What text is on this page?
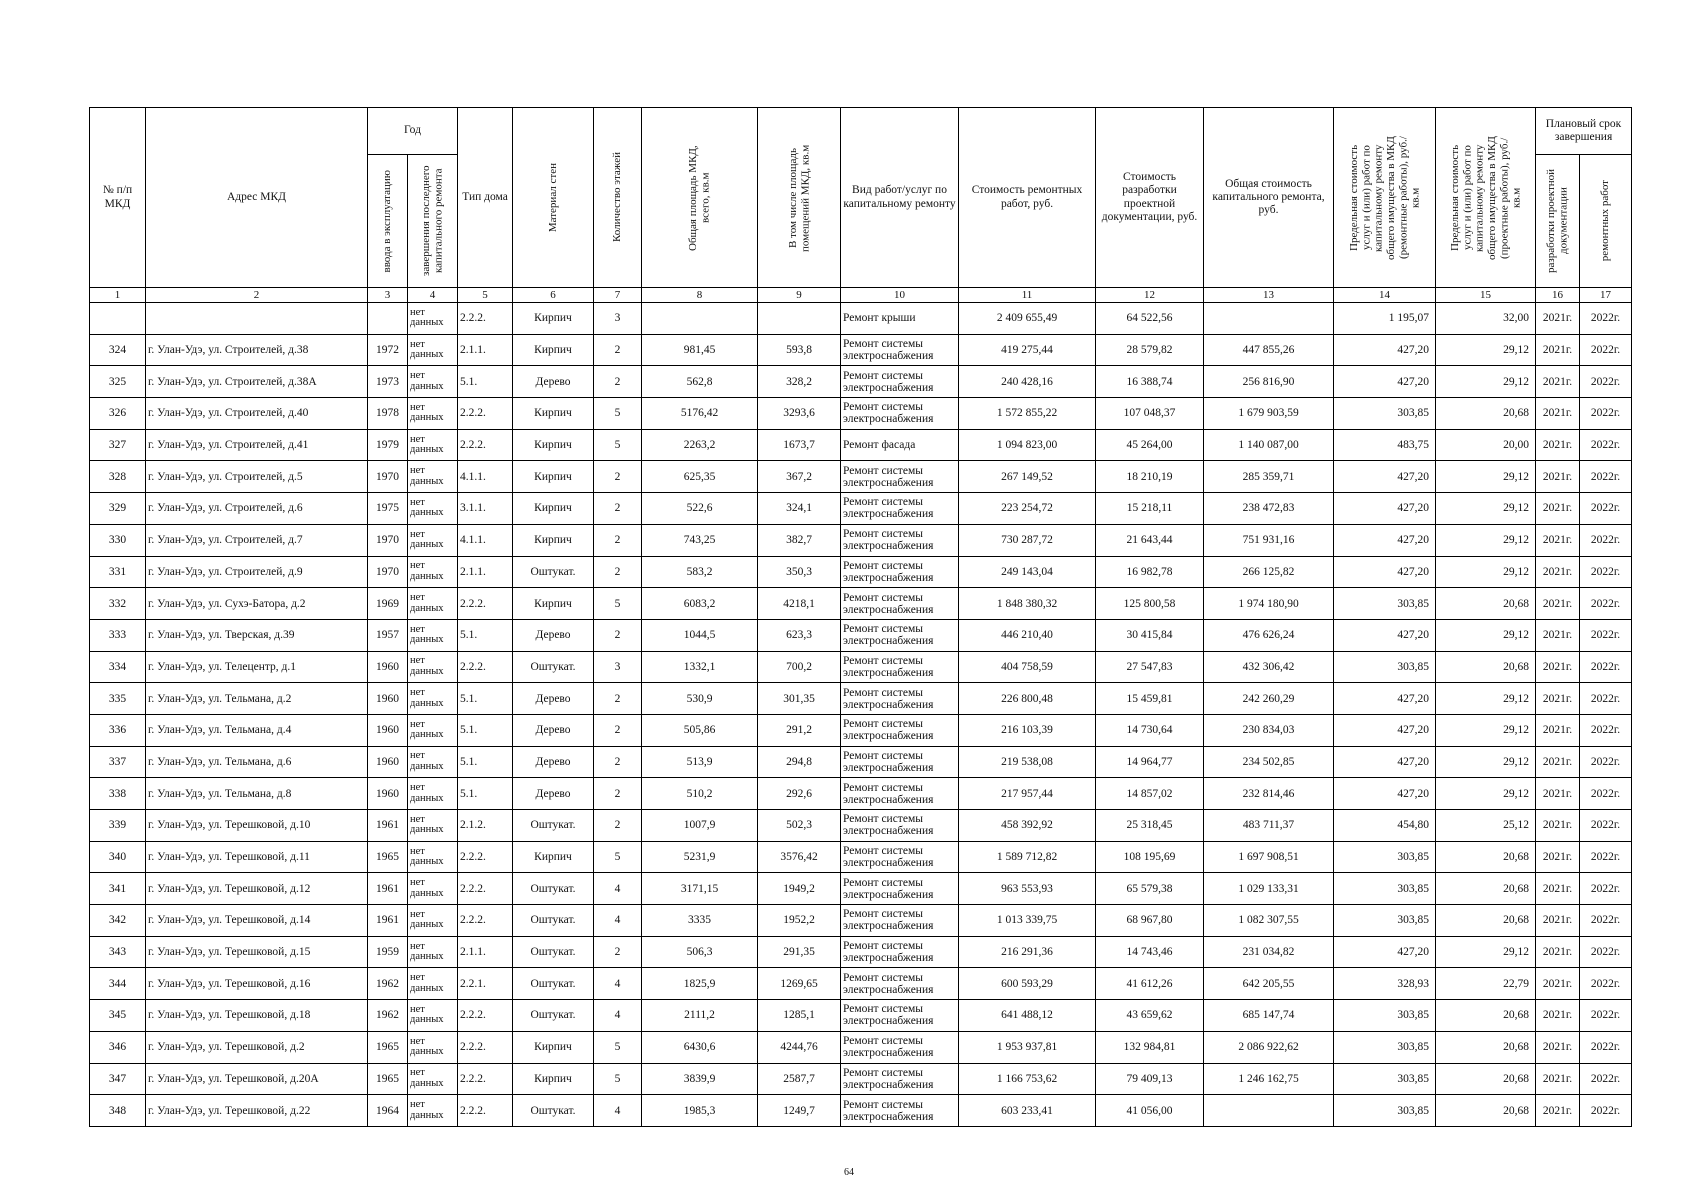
№ п/п МКД	Адрес МКД	Год		Тип дома	Материал стен	Количество этажей	Общая площадь МКД, всего, кв.м	В том числе площадь помещений МКД, кв.м	Вид работ/услуг по капитальному ремонту	Стоимость ремонтных работ, руб.	Стоимость разработки проектной документации, руб.	Общая стоимость капитального ремонта, руб.	Предельная стоимость услуг и (или) работ по капитальному ремонту общего имущества в МКД (ремонтные работы), руб./кв.м	Предельная стоимость услуг и (или) работ по капитальному ремонту общего имущества в МКД (проектные работы), руб./кв.м	Плановый срок завершения	

		ввода в эксплуатацию	завершения последнего капитального ремонта												разработки проектной документации	ремонтных работ

1	2	3	4	5	6	7	8	9	10	11	12	13	14	15	16	17
			нет данных	2.2.2.	Кирпич	3			Ремонт крыши	2 409 655,49	64 522,56		1 195,07	32,00	2021г.	2022г.
324	г. Улан-Удэ, ул. Строителей, д.38	1972	нет данных	2.1.1.	Кирпич	2	981,45	593,8	Ремонт системы электроснабжения	419 275,44	28 579,82	447 855,26	427,20	29,12	2021г.	2022г.
325	г. Улан-Удэ, ул. Строителей, д.38А	1973	нет данных	5.1.	Дерево	2	562,8	328,2	Ремонт системы электроснабжения	240 428,16	16 388,74	256 816,90	427,20	29,12	2021г.	2022г.
326	г. Улан-Удэ, ул. Строителей, д.40	1978	нет данных	2.2.2.	Кирпич	5	5176,42	3293,6	Ремонт системы электроснабжения	1 572 855,22	107 048,37	1 679 903,59	303,85	20,68	2021г.	2022г.
327	г. Улан-Удэ, ул. Строителей, д.41	1979	нет данных	2.2.2.	Кирпич	5	2263,2	1673,7	Ремонт фасада	1 094 823,00	45 264,00	1 140 087,00	483,75	20,00	2021г.	2022г.
328	г. Улан-Удэ, ул. Строителей, д.5	1970	нет данных	4.1.1.	Кирпич	2	625,35	367,2	Ремонт системы электроснабжения	267 149,52	18 210,19	285 359,71	427,20	29,12	2021г.	2022г.
329	г. Улан-Удэ, ул. Строителей, д.6	1975	нет данных	3.1.1.	Кирпич	2	522,6	324,1	Ремонт системы электроснабжения	223 254,72	15 218,11	238 472,83	427,20	29,12	2021г.	2022г.
330	г. Улан-Удэ, ул. Строителей, д.7	1970	нет данных	4.1.1.	Кирпич	2	743,25	382,7	Ремонт системы электроснабжения	730 287,72	21 643,44	751 931,16	427,20	29,12	2021г.	2022г.
331	г. Улан-Удэ, ул. Строителей, д.9	1970	нет данных	2.1.1.	Оштукат.	2	583,2	350,3	Ремонт системы электроснабжения	249 143,04	16 982,78	266 125,82	427,20	29,12	2021г.	2022г.
332	г. Улан-Удэ, ул. Сухэ-Батора, д.2	1969	нет данных	2.2.2.	Кирпич	5	6083,2	4218,1	Ремонт системы электроснабжения	1 848 380,32	125 800,58	1 974 180,90	303,85	20,68	2021г.	2022г.
333	г. Улан-Удэ, ул. Тверская, д.39	1957	нет данных	5.1.	Дерево	2	1044,5	623,3	Ремонт системы электроснабжения	446 210,40	30 415,84	476 626,24	427,20	29,12	2021г.	2022г.
334	г. Улан-Удэ, ул. Телецентр, д.1	1960	нет данных	2.2.2.	Оштукат.	3	1332,1	700,2	Ремонт системы электроснабжения	404 758,59	27 547,83	432 306,42	303,85	20,68	2021г.	2022г.
335	г. Улан-Удэ, ул. Тельмана, д.2	1960	нет данных	5.1.	Дерево	2	530,9	301,35	Ремонт системы электроснабжения	226 800,48	15 459,81	242 260,29	427,20	29,12	2021г.	2022г.
336	г. Улан-Удэ, ул. Тельмана, д.4	1960	нет данных	5.1.	Дерево	2	505,86	291,2	Ремонт системы электроснабжения	216 103,39	14 730,64	230 834,03	427,20	29,12	2021г.	2022г.
337	г. Улан-Удэ, ул. Тельмана, д.6	1960	нет данных	5.1.	Дерево	2	513,9	294,8	Ремонт системы электроснабжения	219 538,08	14 964,77	234 502,85	427,20	29,12	2021г.	2022г.
338	г. Улан-Удэ, ул. Тельмана, д.8	1960	нет данных	5.1.	Дерево	2	510,2	292,6	Ремонт системы электроснабжения	217 957,44	14 857,02	232 814,46	427,20	29,12	2021г.	2022г.
339	г. Улан-Удэ, ул. Терешковой, д.10	1961	нет данных	2.1.2.	Оштукат.	2	1007,9	502,3	Ремонт системы электроснабжения	458 392,92	25 318,45	483 711,37	454,80	25,12	2021г.	2022г.
340	г. Улан-Удэ, ул. Терешковой, д.11	1965	нет данных	2.2.2.	Кирпич	5	5231,9	3576,42	Ремонт системы электроснабжения	1 589 712,82	108 195,69	1 697 908,51	303,85	20,68	2021г.	2022г.
341	г. Улан-Удэ, ул. Терешковой, д.12	1961	нет данных	2.2.2.	Оштукат.	4	3171,15	1949,2	Ремонт системы электроснабжения	963 553,93	65 579,38	1 029 133,31	303,85	20,68	2021г.	2022г.
342	г. Улан-Удэ, ул. Терешковой, д.14	1961	нет данных	2.2.2.	Оштукат.	4	3335	1952,2	Ремонт системы электроснабжения	1 013 339,75	68 967,80	1 082 307,55	303,85	20,68	2021г.	2022г.
343	г. Улан-Удэ, ул. Терешковой, д.15	1959	нет данных	2.1.1.	Оштукат.	2	506,3	291,35	Ремонт системы электроснабжения	216 291,36	14 743,46	231 034,82	427,20	29,12	2021г.	2022г.
344	г. Улан-Удэ, ул. Терешковой, д.16	1962	нет данных	2.2.1.	Оштукат.	4	1825,9	1269,65	Ремонт системы электроснабжения	600 593,29	41 612,26	642 205,55	328,93	22,79	2021г.	2022г.
345	г. Улан-Удэ, ул. Терешковой, д.18	1962	нет данных	2.2.2.	Оштукат.	4	2111,2	1285,1	Ремонт системы электроснабжения	641 488,12	43 659,62	685 147,74	303,85	20,68	2021г.	2022г.
346	г. Улан-Удэ, ул. Терешковой, д.2	1965	нет данных	2.2.2.	Кирпич	5	6430,6	4244,76	Ремонт системы электроснабжения	1 953 937,81	132 984,81	2 086 922,62	303,85	20,68	2021г.	2022г.
347	г. Улан-Удэ, ул. Терешковой, д.20А	1965	нет данных	2.2.2.	Кирпич	5	3839,9	2587,7	Ремонт системы электроснабжения	1 166 753,62	79 409,13	1 246 162,75	303,85	20,68	2021г.	2022г.
348	г. Улан-Удэ, ул. Терешковой, д.22	1964	нет данных	2.2.2.	Оштукат.	4	1985,3	1249,7	Ремонт системы электроснабжения	603 233,41	41 056,00		303,85	20,68	2021г.	2022г.
64
